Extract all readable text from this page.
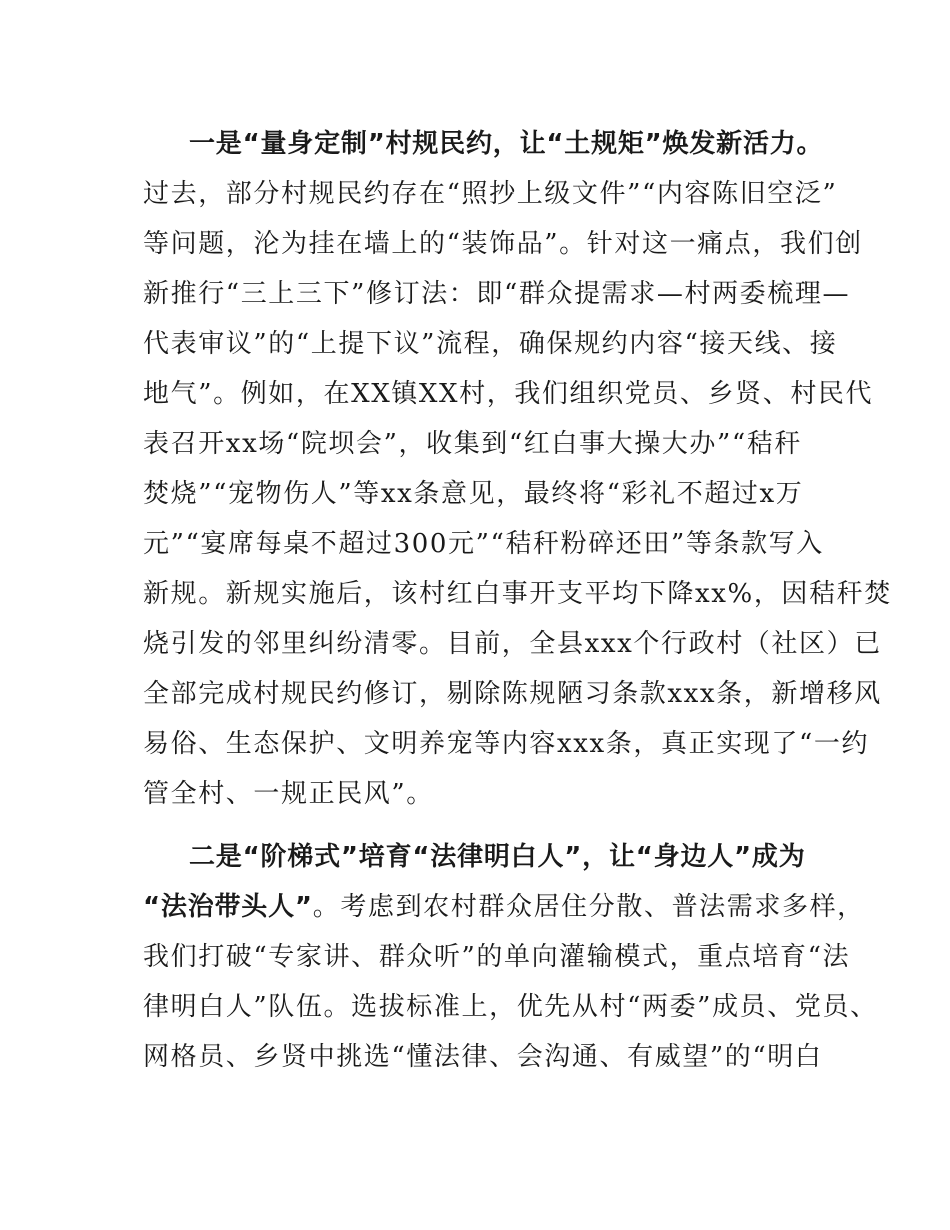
一是“量身定制”村规民约，让“土规矩”焕发新活力。
过去，部分村规民约存在“照抄上级文件”“内容陈旧空泛”
等问题，沦为挂在墙上的“装饰品”。针对这一痛点，我们创
新推行“三上三下”修订法：即“群众提需求—村两委梳理—
代表审议”的“上提下议”流程，确保规约内容“接天线、接
地气”。例如，在XX镇XX村，我们组织党员、乡贤、村民代
表召开xx场“院坝会”，收集到“红白事大操大办”“秸秆
焚烧”“宠物伤人”等xx条意见，最终将“彩礼不超过x万
元”“宴席每桌不超过300元”“秸秆粉碎还田”等条款写入
新规。新规实施后，该村红白事开支平均下降xx%，因秸秆焚
烧引发的邻里纠纷清零。目前，全县xxx个行政村（社区）已
全部完成村规民约修订，剔除陈规陋习条款xxx条，新增移风
易俗、生态保护、文明养宠等内容xxx条，真正实现了“一约
管全村、一规正民风”。
二是“阶梯式”培育“法律明白人”，让“身边人”成为
“法治带头人”。考虑到农村群众居住分散、普法需求多样，
我们打破“专家讲、群众听”的单向灌输模式，重点培育“法
律明白人”队伍。选拔标准上，优先从村“两委”成员、党员、
网格员、乡贤中挑选“懂法律、会沟通、有威望”的“明白
